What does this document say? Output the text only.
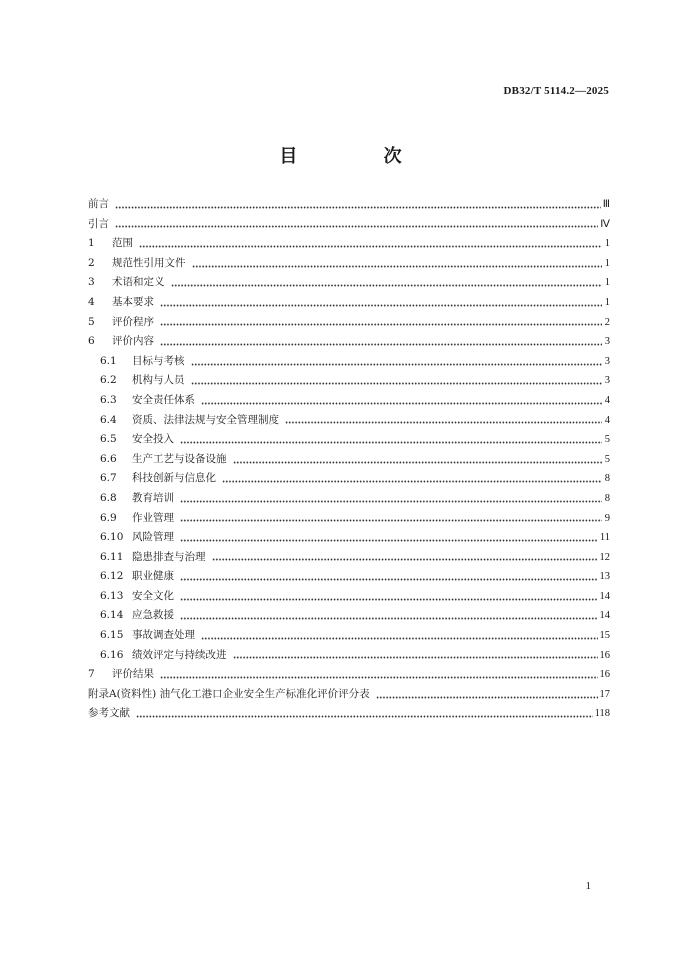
DB32/T 5114.2—2025
目 次
前言	Ⅲ
引言	Ⅳ
1	范围	1
2	规范性引用文件	1
3	术语和定义	1
4	基本要求	1
5	评价程序	2
6	评价内容	3
6.1	目标与考核	3
6.2	机构与人员	3
6.3	安全责任体系	4
6.4	资质、法律法规与安全管理制度	4
6.5	安全投入	5
6.6	生产工艺与设备设施	5
6.7	科技创新与信息化	8
6.8	教育培训	8
6.9	作业管理	9
6.10 风险管理	11
6.11 隐患排查与治理	12
6.12 职业健康	13
6.13 安全文化	14
6.14 应急救援	14
6.15 事故调查处理	15
6.16 绩效评定与持续改进	16
7	评价结果	16
附录A(资料性) 油气化工港口企业安全生产标准化评价评分表	17
参考文献	118
1
